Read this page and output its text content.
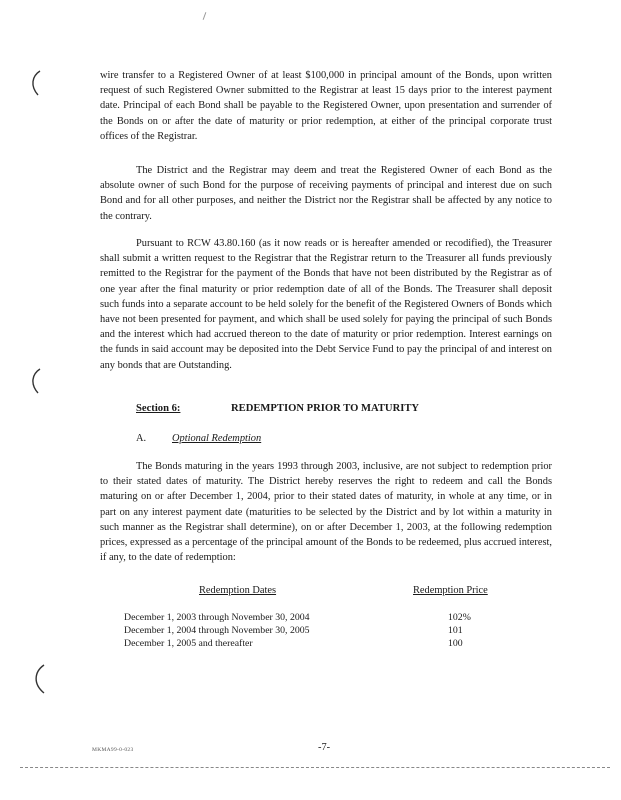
wire transfer to a Registered Owner of at least $100,000 in principal amount of the Bonds, upon written request of such Registered Owner submitted to the Registrar at least 15 days prior to the interest payment date. Principal of each Bond shall be payable to the Registered Owner, upon presentation and surrender of the Bonds on or after the date of maturity or prior redemption, at either of the principal corporate trust offices of the Registrar.

The District and the Registrar may deem and treat the Registered Owner of each Bond as the absolute owner of such Bond for the purpose of receiving payments of principal and interest due on such Bond and for all other purposes, and neither the District nor the Registrar shall be affected by any notice to the contrary.

Pursuant to RCW 43.80.160 (as it now reads or is hereafter amended or recodified), the Treasurer shall submit a written request to the Registrar that the Registrar return to the Treasurer all funds previously remitted to the Registrar for the payment of the Bonds that have not been distributed by the Registrar as of one year after the final maturity or prior redemption date of all of the Bonds. The Treasurer shall deposit such funds into a separate account to be held solely for the benefit of the Registered Owners of Bonds which have not been presented for payment, and which shall be used solely for paying the principal of such Bonds and the interest which had accrued thereon to the date of maturity or prior redemption. Interest earnings on the funds in said account may be deposited into the Debt Service Fund to pay the principal of and interest on any bonds that are Outstanding.

Section 6:	REDEMPTION PRIOR TO MATURITY
A. Optional Redemption

The Bonds maturing in the years 1993 through 2003, inclusive, are not subject to redemption prior to their stated dates of maturity. The District hereby reserves the right to redeem and call the Bonds maturing on or after December 1, 2004, prior to their stated dates of maturity, in whole at any time, or in part on any interest payment date (maturities to be selected by the District and by lot within a maturity in such manner as the Registrar shall determine), on or after December 1, 2003, at the following redemption prices, expressed as a percentage of the principal amount of the Bonds to be redeemed, plus accrued interest, if any, to the date of redemption:

Redemption Dates	Redemption Price
December 1, 2003 through November 30, 2004	102%
December 1, 2004 through November 30, 2005	101
December 1, 2005 and thereafter	100
MKMA99-0-023	-7-
